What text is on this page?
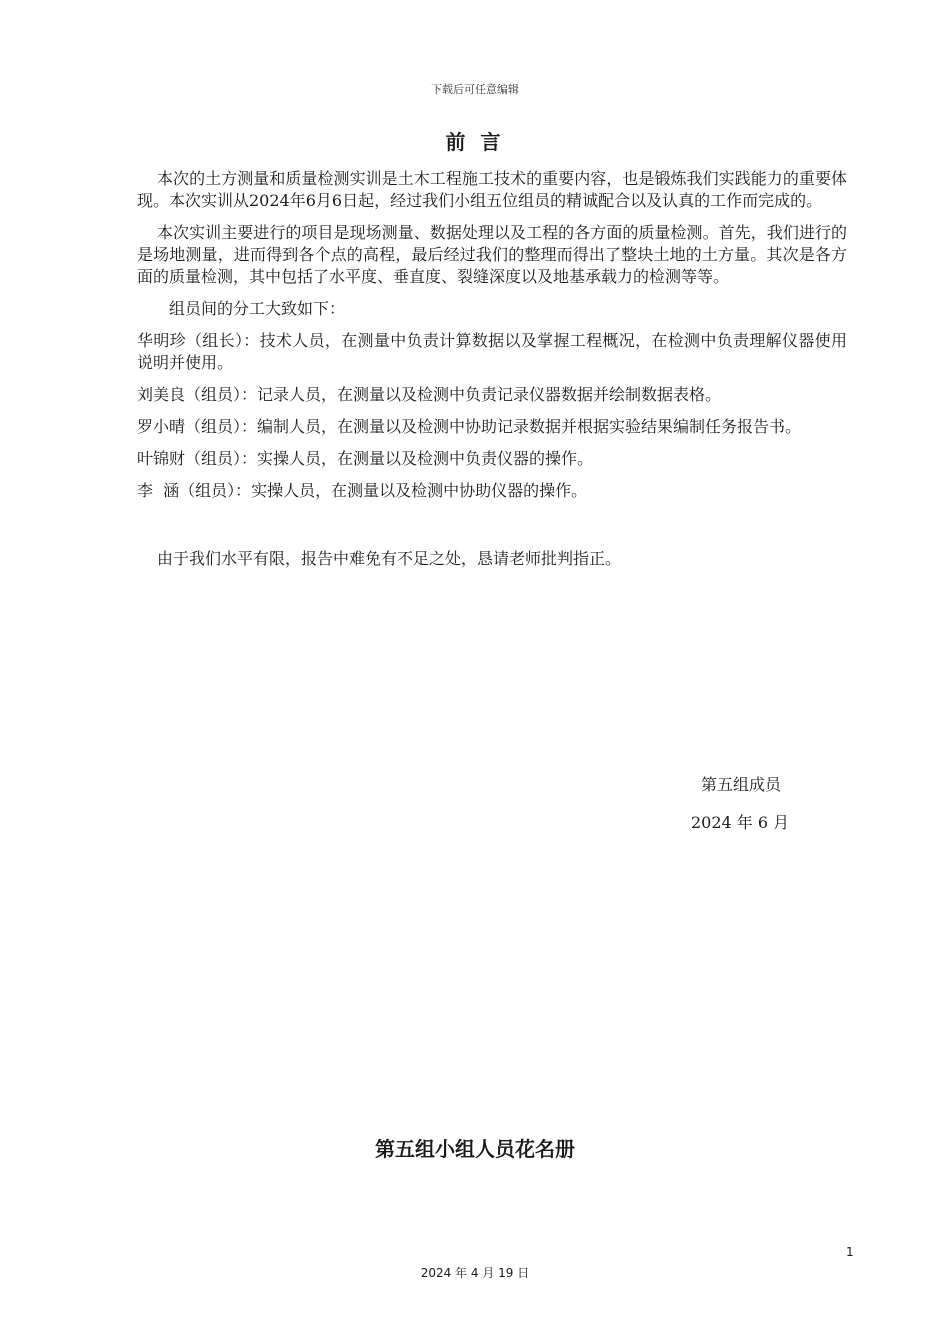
下载后可任意编辑
前 言

本次的土方测量和质量检测实训是土木工程施工技术的重要内容，也是锻炼我们实践能力的重要体现。本次实训从2024年6月6日起，经过我们小组五位组员的精诚配合以及认真的工作而完成的。

本次实训主要进行的项目是现场测量、数据处理以及工程的各方面的质量检测。首先，我们进行的是场地测量，进而得到各个点的高程，最后经过我们的整理而得出了整块土地的土方量。其次是各方面的质量检测，其中包括了水平度、垂直度、裂缝深度以及地基承载力的检测等等。

组员间的分工大致如下：

华明珍（组长）：技术人员，在测量中负责计算数据以及掌握工程概况，在检测中负责理解仪器使用说明并使用。

刘美良（组员）：记录人员，在测量以及检测中负责记录仪器数据并绘制数据表格。

罗小晴（组员）：编制人员，在测量以及检测中协助记录数据并根据实验结果编制任务报告书。

叶锦财（组员）：实操人员，在测量以及检测中负责仪器的操作。

李  涵（组员）：实操人员，在测量以及检测中协助仪器的操作。

由于我们水平有限，报告中难免有不足之处，恳请老师批判指正。

第五组成员
2024 年 6 月
第五组小组人员花名册
1
2024 年 4 月 19 日
